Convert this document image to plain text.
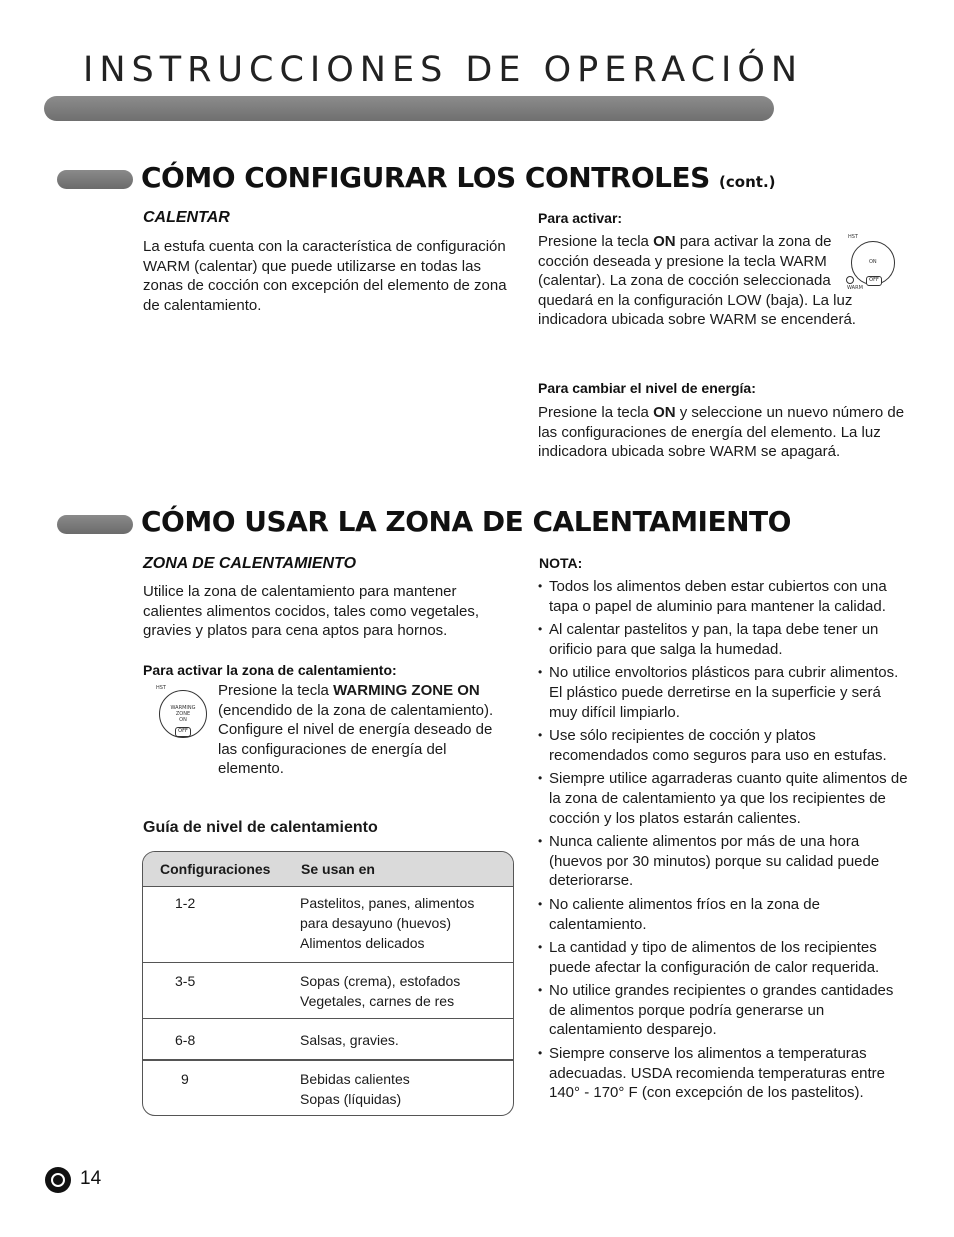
INSTRUCCIONES DE OPERACIÓN
CÓMO CONFIGURAR LOS CONTROLES (cont.)
CALENTAR
La estufa cuenta con la característica de configuración WARM (calentar) que puede utilizarse en todas las zonas de cocción con excepción del elemento de zona de calentamiento.
Para activar:

Presione la tecla ON para activar la zona de cocción deseada y presione la tecla WARM (calentar). La zona de cocción seleccionada quedará en la configuración LOW (baja). La luz indicadora ubicada sobre WARM se encenderá.

HST
ON
WARM
OFF
Para cambiar el nivel de energía:

Presione la tecla ON y seleccione un nuevo número de las configuraciones de energía del elemento. La luz indicadora ubicada sobre WARM se apagará.

CÓMO USAR LA ZONA DE CALENTAMIENTO
ZONA DE CALENTAMIENTO
Utilice la zona de calentamiento para mantener calientes alimentos cocidos, tales como vegetales, gravies y platos para cena aptos para hornos.
Para activar la zona de calentamiento:
HST
WARMING
ZONE
ON
OFF

Presione la tecla WARMING ZONE ON (encendido de la zona de calentamiento).

Configure el nivel de energía deseado de las configuraciones de energía del elemento.

Guía de nivel de calentamiento
Configuraciones Se usan en
1-2	Pastelitos, panes, alimentos
para desayuno (huevos)
Alimentos delicados
3-5	Sopas (crema), estofados
Vegetales, carnes de res
6-8	Salsas, gravies.
9	Bebidas calientes
Sopas (líquidas)
NOTA:
• Todos los alimentos deben estar cubiertos con una tapa o papel de aluminio para mantener la calidad.
• Al calentar pastelitos y pan, la tapa debe tener un orificio para que salga la humedad.
• No utilice envoltorios plásticos para cubrir alimentos. El plástico puede derretirse en la superficie y será muy difícil limpiarlo.
• Use sólo recipientes de cocción y platos recomendados como seguros para uso en estufas.
• Siempre utilice agarraderas cuanto quite alimentos de la zona de calentamiento ya que los recipientes de cocción y los platos estarán calientes.
• Nunca caliente alimentos por más de una hora (huevos por 30 minutos) porque su calidad puede deteriorarse.
• No caliente alimentos fríos en la zona de calentamiento.
• La cantidad y tipo de alimentos de los recipientes puede afectar la configuración de calor requerida.
• No utilice grandes recipientes o grandes cantidades de alimentos porque podría generarse un calentamiento desparejo.
• Siempre conserve los alimentos a temperaturas adecuadas. USDA recomienda temperaturas entre 140° - 170° F (con excepción de los pastelitos).
14
